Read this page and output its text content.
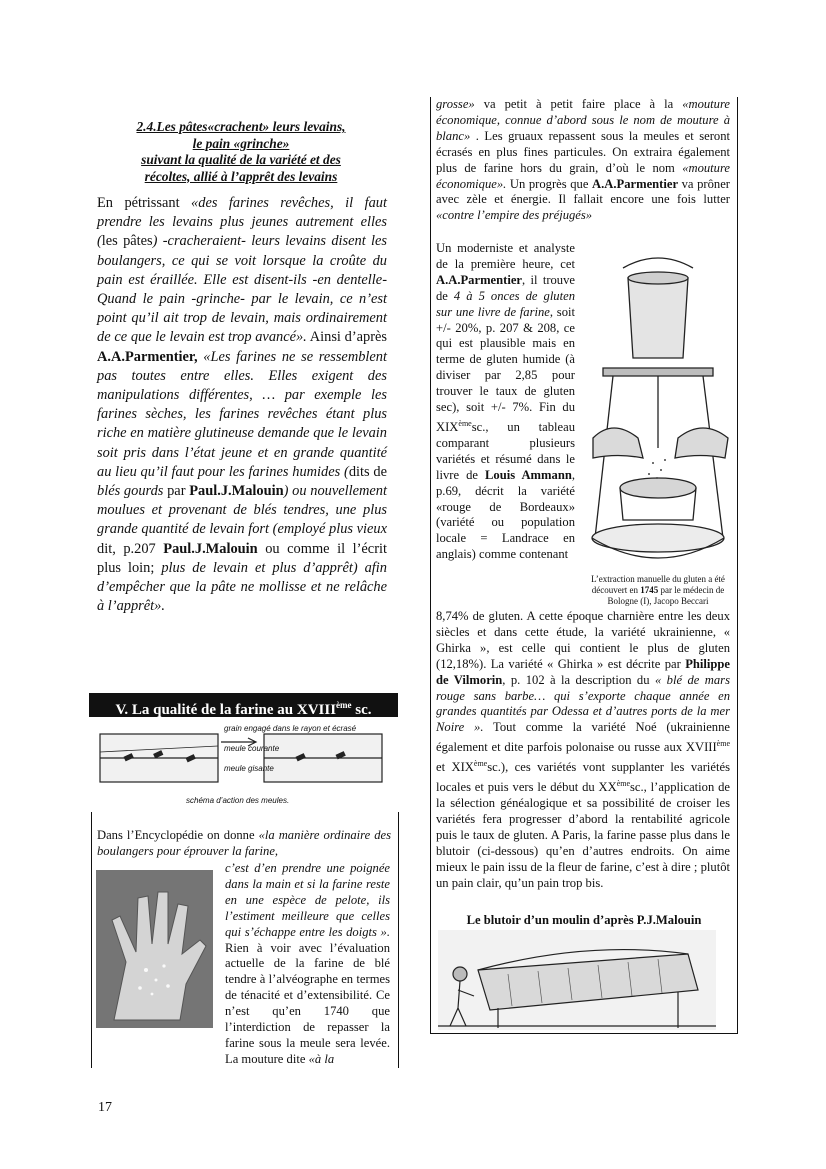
2.4.Les pâtes«crachent» leurs levains,
le pain «grinche»
suivant la qualité de la variété et des
récoltes, allié à l’apprêt des levains
En pétrissant «des farines revêches, il faut prendre les levains plus jeunes autrement elles (les pâtes) -cracheraient- leurs levains disent les boulangers, ce qui se voit lorsque la croûte du pain est éraillée. Elle est disent-ils -en dentelle- Quand le pain -grinche- par le levain, ce n’est point qu’il ait trop de levain, mais ordinairement de ce que le levain est trop avancé». Ainsi d’après A.A.Parmentier, «Les farines ne se ressemblent pas toutes entre elles. Elles exigent des manipulations différentes, … par exemple les farines sèches, les farines revêches étant plus riche en matière glutineuse demande que le levain soit pris dans l’état jeune et en grande quantité au lieu qu’il faut pour les farines humides (dits de blés gourds par Paul.J.Malouin) ou nouvellement moulues et provenant de blés tendres, une plus grande quantité de levain fort (employé plus vieux dit, p.207 Paul.J.Malouin ou comme il l’écrit plus loin; plus de levain et plus d’apprêt) afin d’empêcher que la pâte ne mollisse et ne relâche à l’apprêt».
V. La qualité de la farine au XVIIIème sc.
grain engagé dans le rayon et écrasé
meule courante
meule gisante
schéma d’action des meules.
Dans l’Encyclopédie on donne «la manière ordinaire des boulangers pour éprouver la farine,
c’est d’en prendre une poignée dans la main et si la farine reste en une espèce de pelote, ils l’estiment meilleure que celles qui s’échappe entre les doigts ». Rien à voir avec l’évaluation actuelle de la farine de blé tendre à l’alvéographe en termes de ténacité et d’extensibilité. Ce n’est qu’en 1740 que l’interdiction de repasser la farine sous la meule sera levée. La mouture dite «à la
grosse» va petit à petit faire place à la «mouture économique, connue d’abord sous le nom de mouture à blanc» . Les gruaux repassent sous la meules et seront écrasés en plus fines particules. On extraira également plus de farine hors du grain, d’où le nom «mouture économique». Un progrès que A.A.Parmentier va prôner avec zèle et énergie. Il fallait encore une fois lutter «contre l’empire des préjugés»
Un moderniste et analyste de la première heure, cet A.A.Parmentier, il trouve de 4 à 5 onces de gluten sur une livre de farine, soit +/- 20%, p. 207 & 208, ce qui est plausible mais en terme de gluten humide (à diviser par 2,85 pour trouver le taux de gluten sec), soit +/- 7%. Fin du XIXèmesc., un tableau comparant plusieurs variétés et résumé dans le livre de Louis Ammann, p.69, décrit la variété «rouge de Bordeaux» (variété ou population locale = Landrace en anglais) comme contenant
L’extraction manuelle du gluten a été découvert en 1745 par le médecin de Bologne (I), Jacopo Beccari
8,74% de gluten. A cette époque charnière entre les deux siècles et dans cette étude, la variété ukrainienne, « Ghirka », est celle qui contient le plus de gluten (12,18%). La variété « Ghirka » est décrite par Philippe de Vilmorin, p. 102 à la description du « blé de mars rouge sans barbe… qui s’exporte chaque année en grandes quantités par Odessa et d’autres ports de la mer Noire ». Tout comme la variété Noé (ukrainienne également et dite parfois polonaise ou russe aux XVIIIème et XIXèmesc.), ces variétés vont supplanter les variétés locales et puis vers le début du XXèmesc., l’application de la sélection généalogique et sa possibilité de croiser les variétés fera progresser d’abord la rentabilité agricole puis le taux de gluten. A Paris, la farine passe plus dans le blutoir (ci-dessous) qu’en d’autres endroits. On aime mieux le pain issu de la fleur de farine, c’est à dire ; plutôt un pain clair, qu’un pain trop bis.
Le blutoir d’un moulin d’après P.J.Malouin
17
